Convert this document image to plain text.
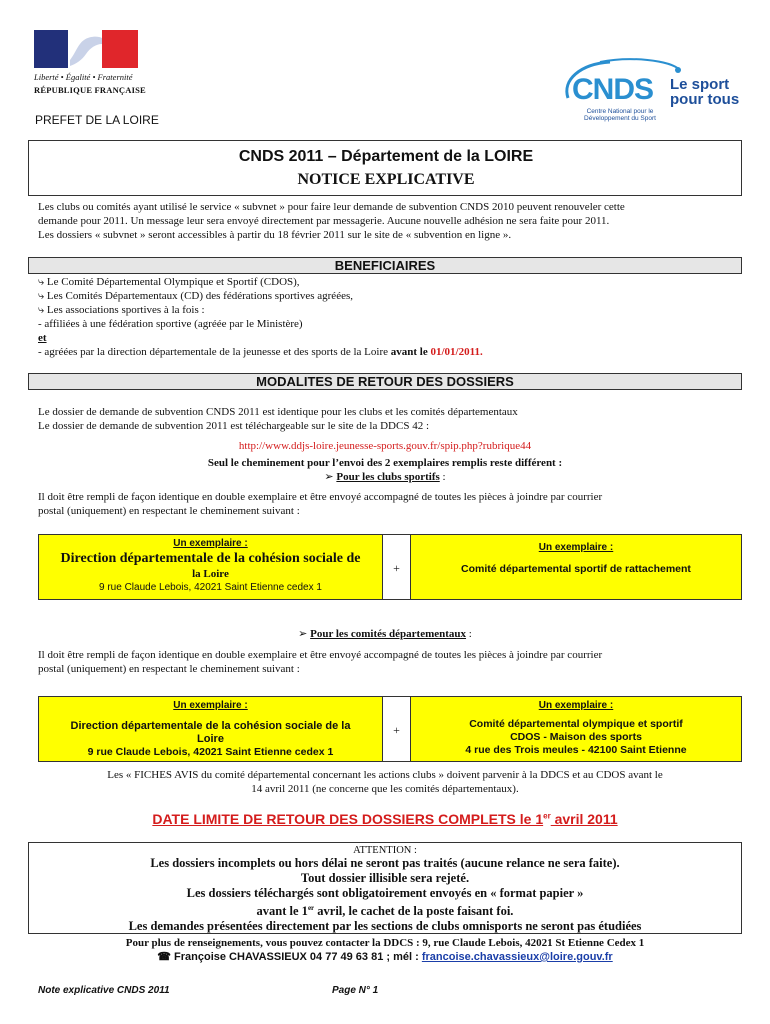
Liberté • Égalité • Fraternité
RÉPUBLIQUE FRANÇAISE	CNDS Le sport
pour tous
Centre National pour le Développement du Sport
PREFET DE LA LOIRE
CNDS 2011 – Département de la LOIRE
NOTICE EXPLICATIVE
Les clubs ou comités ayant utilisé le service « subvnet » pour faire leur demande de subvention CNDS 2010 peuvent renouveler cette
demande pour 2011. Un message leur sera envoyé directement par messagerie. Aucune nouvelle adhésion ne sera faite pour 2011.
Les dossiers « subvnet » seront accessibles à partir du 18 février 2011 sur le site de « subvention en ligne ».
BENEFICIAIRES
⤷ Le Comité Départemental Olympique et Sportif (CDOS),
⤷ Les Comités Départementaux (CD) des fédérations sportives agréées,
⤷ Les associations sportives à la fois :
- affiliées à une fédération sportive (agréée par le Ministère)
et
- agréées par la direction départementale de la jeunesse et des sports de la Loire avant le 01/01/2011.
MODALITES DE RETOUR DES DOSSIERS
Le dossier de demande de subvention CNDS 2011 est identique pour les clubs et les comités départementaux
Le dossier de demande de subvention 2011 est téléchargeable sur le site de la DDCS 42 :
http://www.ddjs-loire.jeunesse-sports.gouv.fr/spip.php?rubrique44
Seul le cheminement pour l’envoi des 2 exemplaires remplis reste différent :
➢ Pour les clubs sportifs :
Il doit être rempli de façon identique en double exemplaire et être envoyé accompagné de toutes les pièces à joindre par courrier
postal (uniquement) en respectant le cheminement suivant :
Un exemplaire :
Direction départementale de la cohésion sociale de
la Loire
9 rue Claude Lebois, 42021 Saint Etienne cedex 1
+
Un exemplaire :
Comité départemental sportif de rattachement
➢ Pour les comités départementaux :
Il doit être rempli de façon identique en double exemplaire et être envoyé accompagné de toutes les pièces à joindre par courrier
postal (uniquement) en respectant le cheminement suivant :
Un exemplaire :
Direction départementale de la cohésion sociale de la
Loire
9 rue Claude Lebois, 42021 Saint Etienne cedex 1
+
Un exemplaire :
Comité départemental olympique et sportif
CDOS - Maison des sports
4 rue des Trois meules - 42100 Saint Etienne
Les « FICHES AVIS du comité départemental concernant les actions clubs » doivent parvenir à la DDCS et au CDOS avant le
14 avril 2011 (ne concerne que les comités départementaux).
DATE LIMITE DE RETOUR DES DOSSIERS COMPLETS le 1er avril 2011
ATTENTION :
Les dossiers incomplets ou hors délai ne seront pas traités (aucune relance ne sera faite).
Tout dossier illisible sera rejeté.
Les dossiers téléchargés sont obligatoirement envoyés en « format papier »
avant le 1er avril, le cachet de la poste faisant foi.
Les demandes présentées directement par les sections de clubs omnisports ne seront pas étudiées
Pour plus de renseignements, vous pouvez contacter la DDCS : 9, rue Claude Lebois, 42021 St Etienne Cedex 1
☎ Françoise CHAVASSIEUX 04 77 49 63 81 ; mél : francoise.chavassieux@loire.gouv.fr
Note explicative CNDS 2011	Page N° 1
